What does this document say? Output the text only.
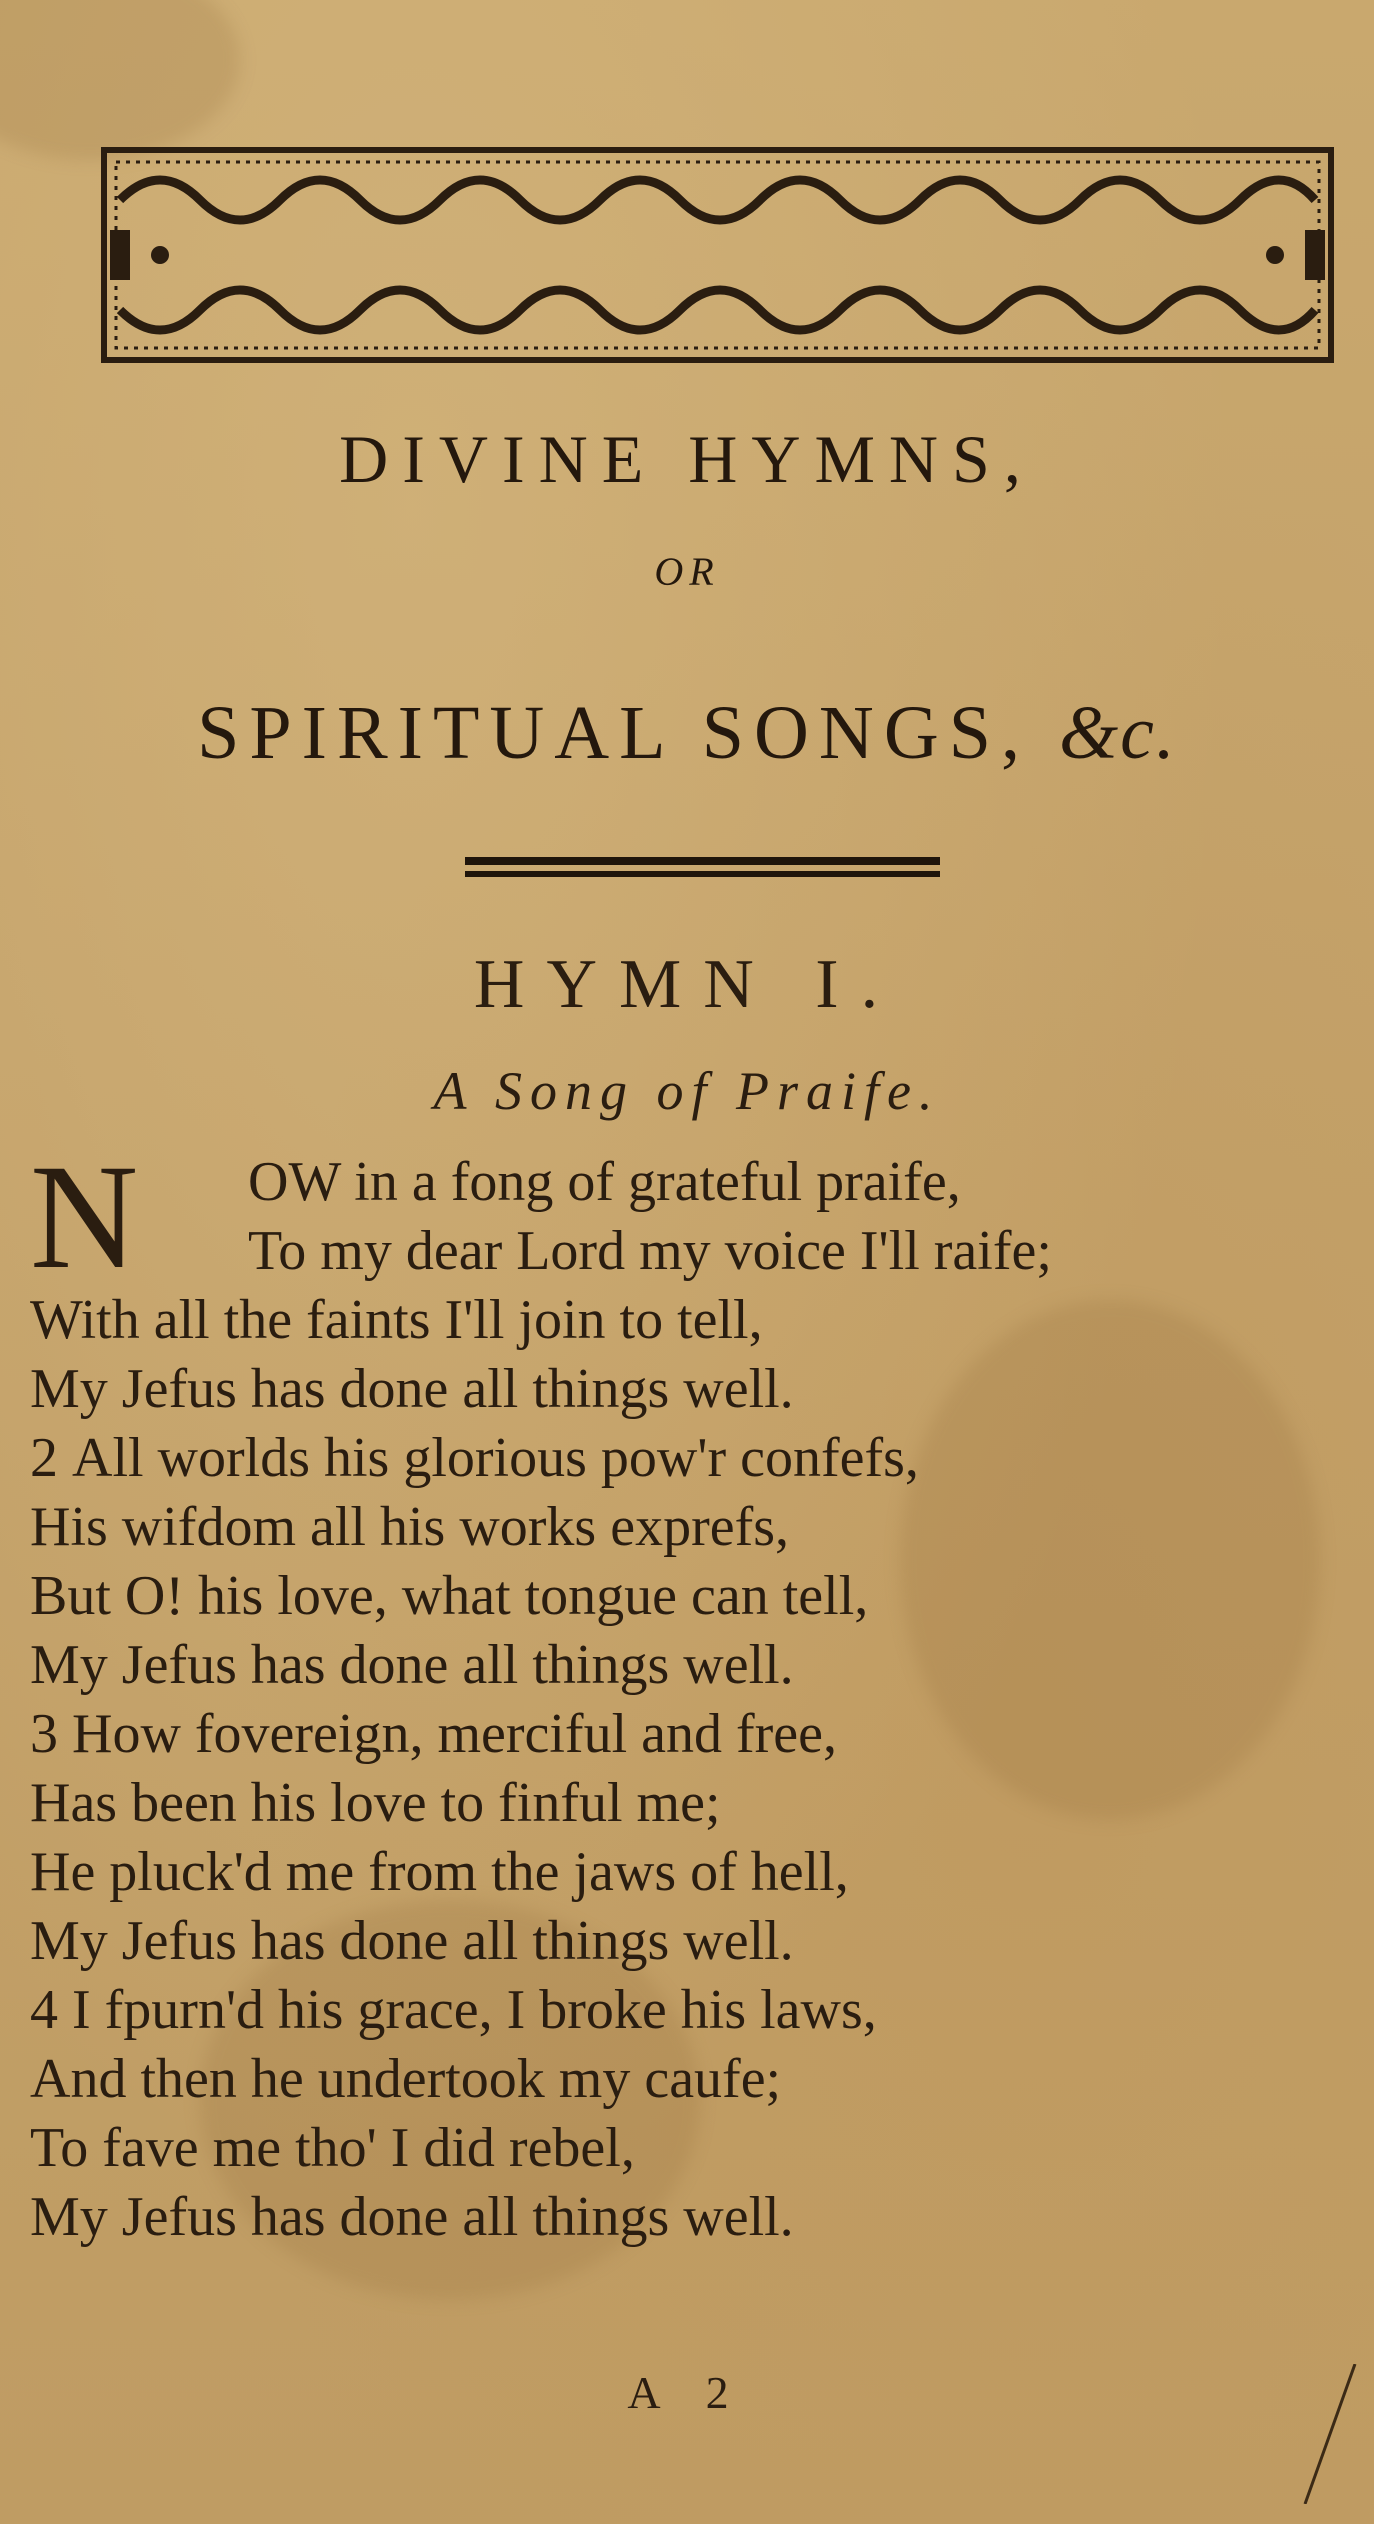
DIVINE HYMNS,
OR
SPIRITUAL SONGS, &c.
HYMN I.
A Song of Praife.
N	OW in a fong of grateful praife,
To my dear Lord my voice I'll raife;
With all the faints I'll join to tell,
My Jefus has done all things well.
2 All worlds his glorious pow'r confefs,
His wifdom all his works exprefs,
But O! his love, what tongue can tell,
My Jefus has done all things well.
3 How fovereign, merciful and free,
Has been his love to finful me;
He pluck'd me from the jaws of hell,
My Jefus has done all things well.
4 I fpurn'd his grace, I broke his laws,
And then he undertook my caufe;
To fave me tho' I did rebel,
My Jefus has done all things well.
A 2
